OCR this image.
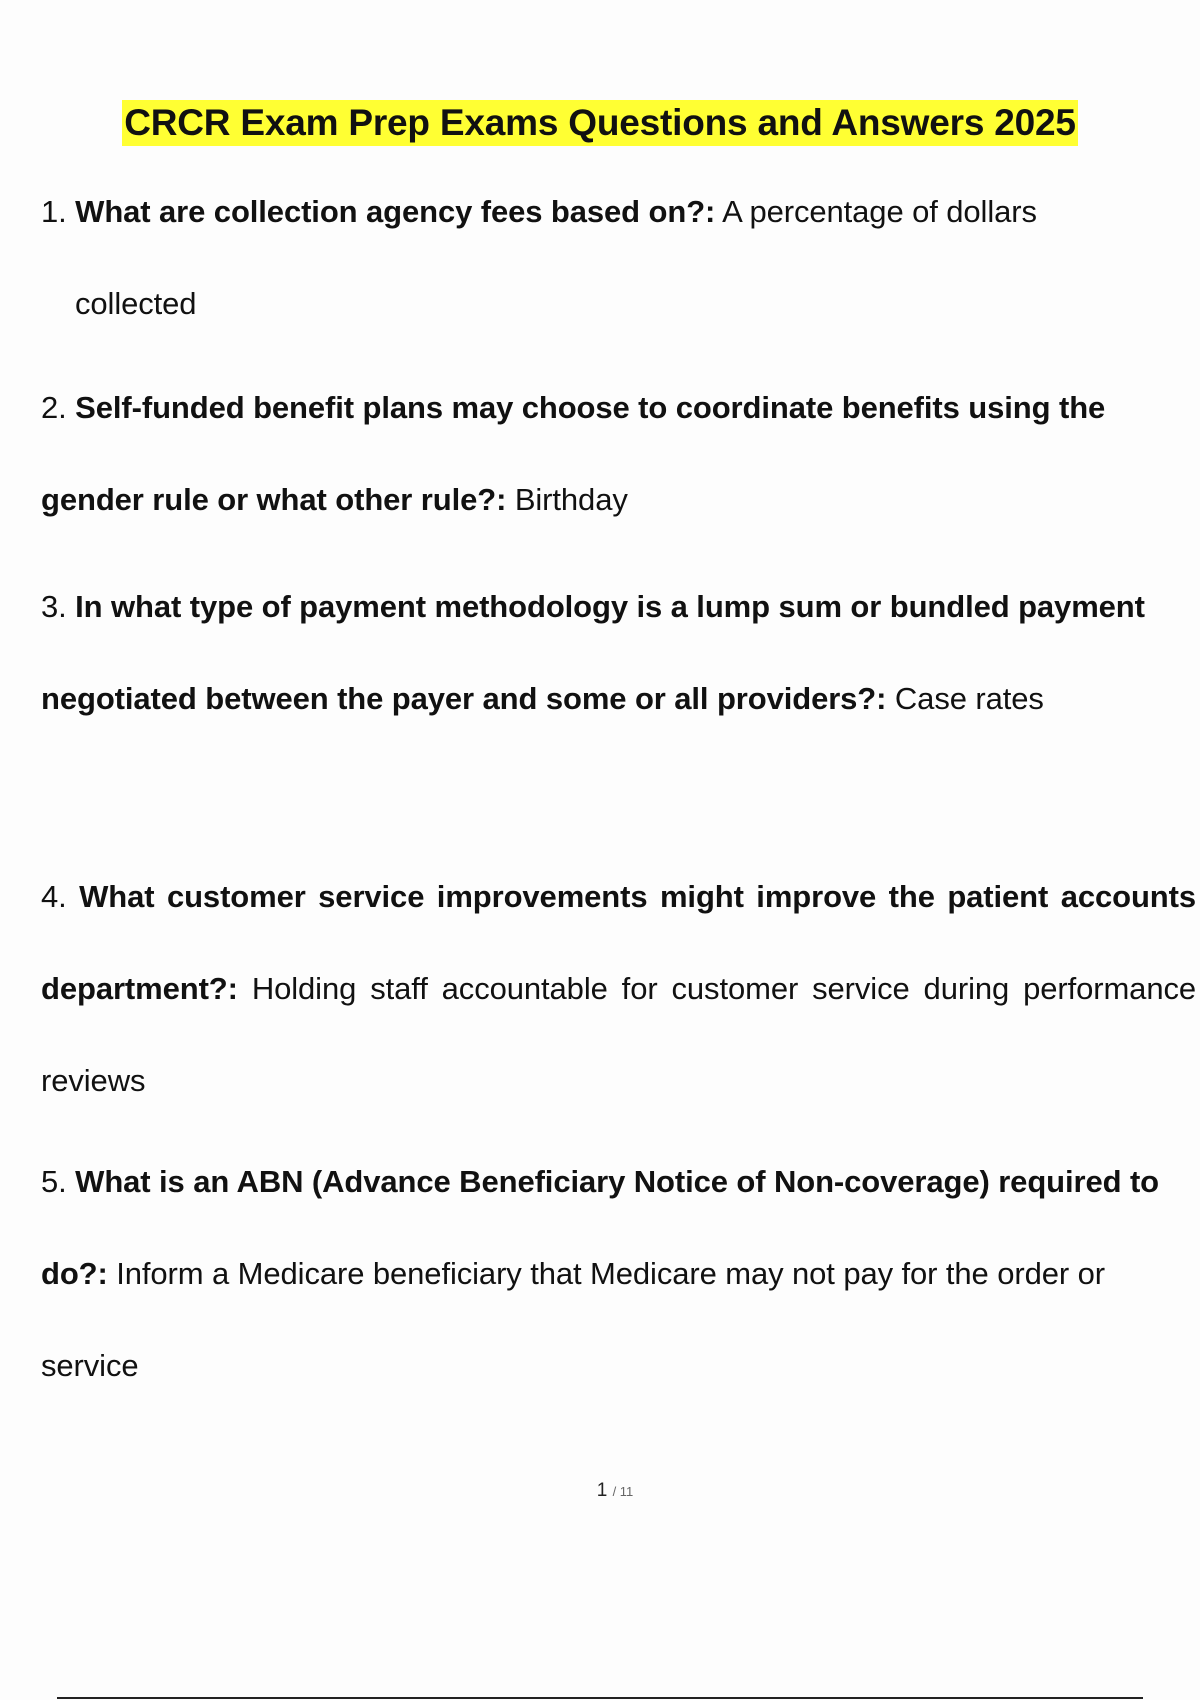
CRCR Exam Prep Exams Questions and Answers 2025
1. What are collection agency fees based on?: A percentage of dollars
collected
2. Self-funded benefit plans may choose to coordinate benefits using the gender rule or what other rule?: Birthday
3. In what type of payment methodology is a lump sum or bundled payment negotiated between the payer and some or all providers?: Case rates
4. What customer service improvements might improve the patient accounts department?: Holding staff accountable for customer service during performance reviews
5. What is an ABN (Advance Beneficiary Notice of Non-coverage) required to do?: Inform a Medicare beneficiary that Medicare may not pay for the order or service
1 / 11
